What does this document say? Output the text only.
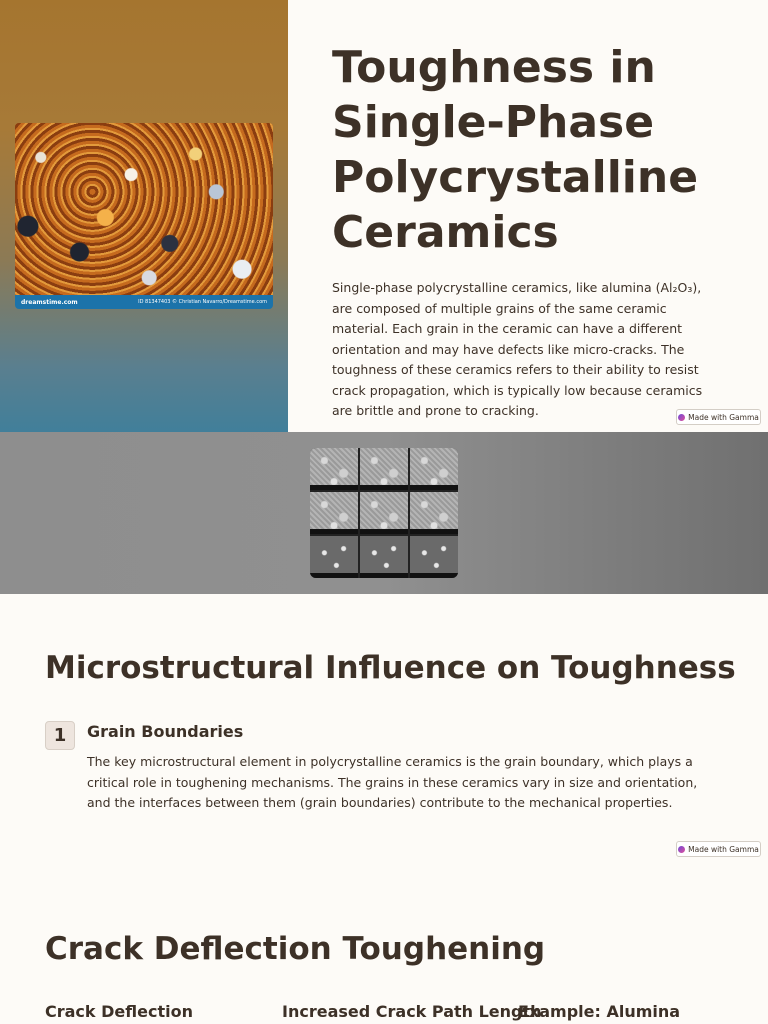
dreamstime.com	ID 81347403 © Christian Navarro/Dreamstime.com
Toughness in Single-Phase Polycrystalline Ceramics

Single-phase polycrystalline ceramics, like alumina (Al₂O₃), are composed of multiple grains of the same ceramic material. Each grain in the ceramic can have a different orientation and may have defects like micro-cracks. The toughness of these ceramics refers to their ability to resist crack propagation, which is typically low because ceramics are brittle and prone to cracking.	Made with Gamma
Microstructural Influence on Toughness
1	Grain Boundaries

The key microstructural element in polycrystalline ceramics is the grain boundary, which plays a critical role in toughening mechanisms. The grains in these ceramics vary in size and orientation, and the interfaces between them (grain boundaries) contribute to the mechanical properties.

Made with Gamma
Crack Deflection Toughening
Crack Deflection	Increased Crack Path Length
Example: Alumina
